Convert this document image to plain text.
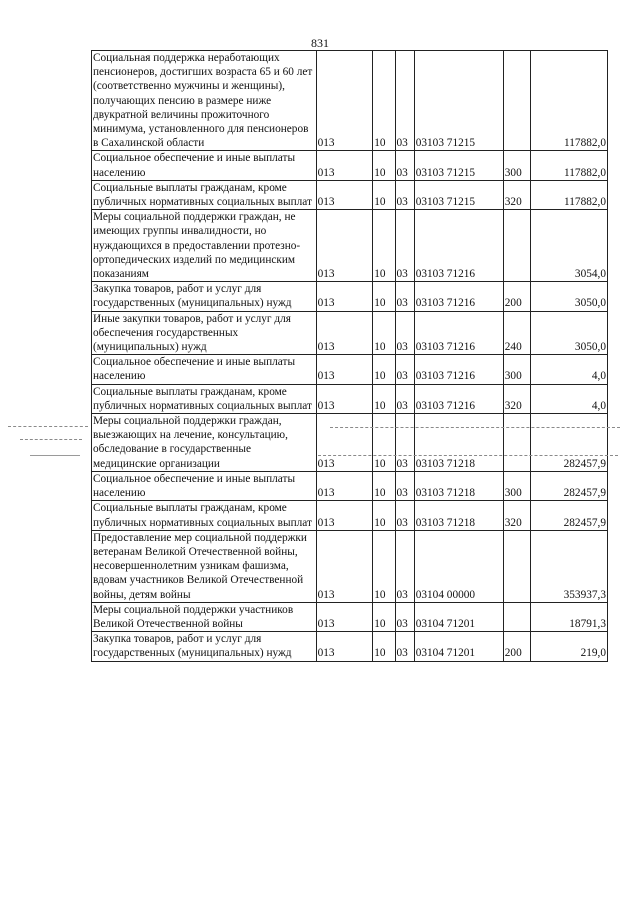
831
Социальная поддержка неработающих пенсионеров, достигших возраста 65 и 60 лет (соответственно мужчины и женщины), получающих пенсию в размере ниже двукратной величины прожиточного минимума, установленного для пенсионеров в Сахалинской области	013	10	03	03103 71215		117882,0
Социальное обеспечение и иные выплаты населению	013	10	03	03103 71215	300	117882,0
Социальные выплаты гражданам, кроме публичных нормативных социальных выплат	013	10	03	03103 71215	320	117882,0
Меры социальной поддержки граждан, не имеющих группы инвалидности, но нуждающихся в предоставлении протезно-ортопедических изделий по медицинским показаниям	013	10	03	03103 71216		3054,0
Закупка товаров, работ и услуг для государственных (муниципальных) нужд	013	10	03	03103 71216	200	3050,0
Иные закупки товаров, работ и услуг для обеспечения государственных (муниципальных) нужд	013	10	03	03103 71216	240	3050,0
Социальное обеспечение и иные выплаты населению	013	10	03	03103 71216	300	4,0
Социальные выплаты гражданам, кроме публичных нормативных социальных выплат	013	10	03	03103 71216	320	4,0
Меры социальной поддержки граждан, выезжающих на лечение, консультацию, обследование в государственные медицинские организации	013	10	03	03103 71218		282457,9
Социальное обеспечение и иные выплаты населению	013	10	03	03103 71218	300	282457,9
Социальные выплаты гражданам, кроме публичных нормативных социальных выплат	013	10	03	03103 71218	320	282457,9
Предоставление мер социальной поддержки ветеранам Великой Отечественной войны, несовершеннолетним узникам фашизма, вдовам участников Великой Отечественной войны, детям войны	013	10	03	03104 00000		353937,3
Меры социальной поддержки участников Великой Отечественной войны	013	10	03	03104 71201		18791,3
Закупка товаров, работ и услуг для государственных (муниципальных) нужд	013	10	03	03104 71201	200	219,0
